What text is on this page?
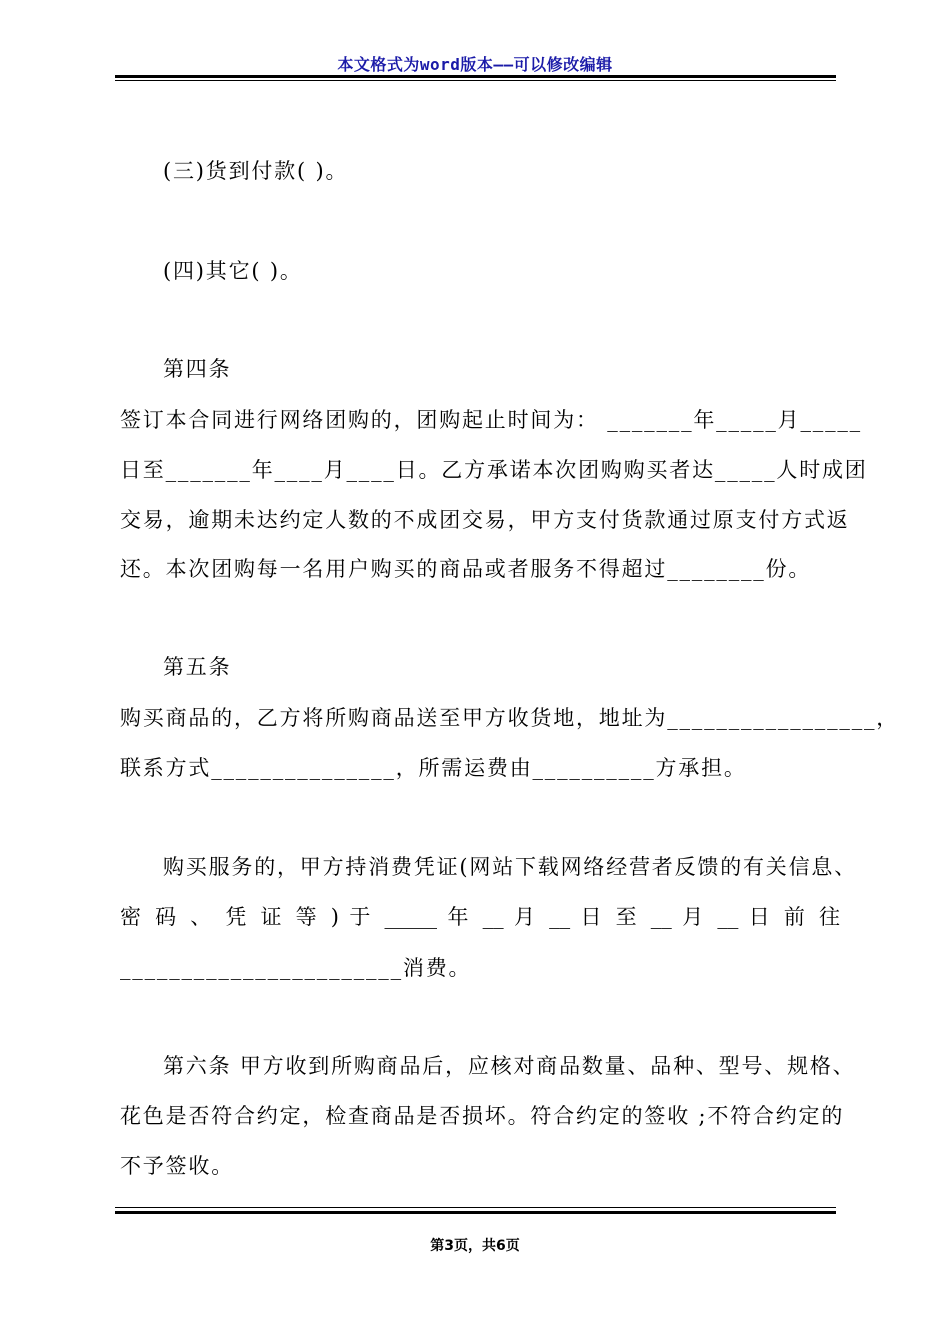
本文格式为word版本——可以修改编辑
(三)货到付款( )。
(四)其它( )。
第四条
签订本合同进行网络团购的，团购起止时间为： _______年_____月_____
日至_______年____月____日。乙方承诺本次团购购买者达_____人时成团
交易，逾期未达约定人数的不成团交易，甲方支付货款通过原支付方式返
还。本次团购每一名用户购买的商品或者服务不得超过________份。
第五条
购买商品的，乙方将所购商品送至甲方收货地，地址为_________________，
联系方式_______________，所需运费由__________方承担。
购买服务的，甲方持消费凭证(网站下载网络经营者反馈的有关信息、
密 码 、 凭 证 等 ) 于 _____ 年 __ 月 __ 日 至 __ 月 __ 日 前 往
_______________________消费。
第六条 甲方收到所购商品后，应核对商品数量、品种、型号、规格、
花色是否符合约定，检查商品是否损坏。符合约定的签收 ;不符合约定的
不予签收。
第3页，共6页
